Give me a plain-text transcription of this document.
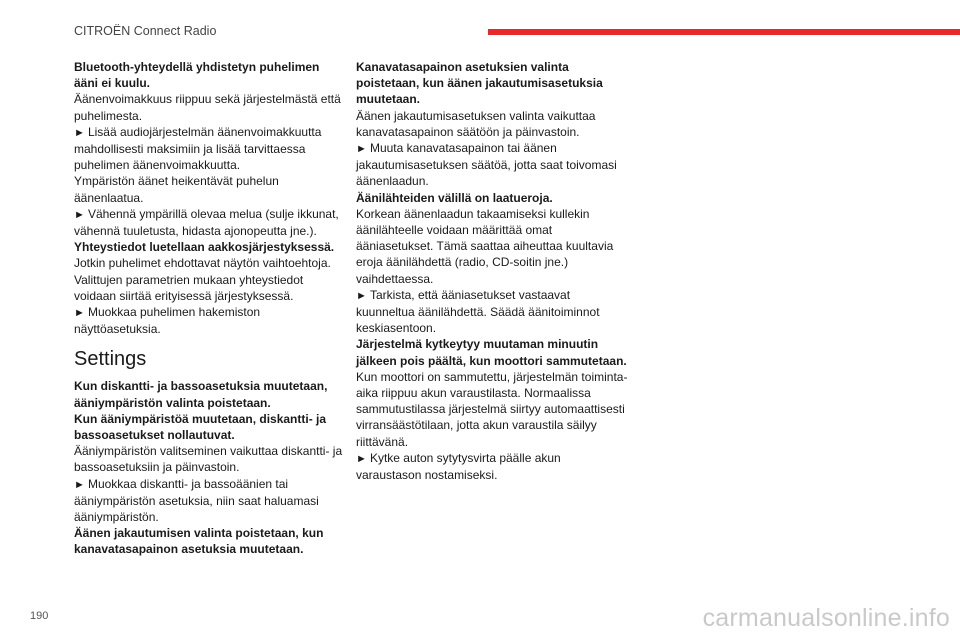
CITROËN Connect Radio

Bluetooth-yhteydellä yhdistetyn puhelimen ääni ei kuulu.

Äänenvoimakkuus riippuu sekä järjestelmästä että puhelimesta.

► Lisää audiojärjestelmän äänenvoimakkuutta mahdollisesti maksimiin ja lisää tarvittaessa puhelimen äänenvoimakkuutta.

Ympäristön äänet heikentävät puhelun äänenlaatua.

► Vähennä ympärillä olevaa melua (sulje ikkunat, vähennä tuuletusta, hidasta ajonopeutta jne.).

Yhteystiedot luetellaan aakkosjärjestyksessä.

Jotkin puhelimet ehdottavat näytön vaihtoehtoja. Valittujen parametrien mukaan yhteystiedot voidaan siirtää erityisessä järjestyksessä.

► Muokkaa puhelimen hakemiston näyttöasetuksia.

Settings

Kun diskantti- ja bassoasetuksia muutetaan, ääniympäristön valinta poistetaan.

Kun ääniympäristöä muutetaan, diskantti- ja bassoasetukset nollautuvat.

Ääniympäristön valitseminen vaikuttaa diskantti- ja bassoasetuksiin ja päinvastoin.

► Muokkaa diskantti- ja bassoäänien tai ääniympäristön asetuksia, niin saat haluamasi ääniympäristön.

Äänen jakautumisen valinta poistetaan, kun kanavatasapainon asetuksia muutetaan.

Kanavatasapainon asetuksien valinta poistetaan, kun äänen jakautumisasetuksia muutetaan.

Äänen jakautumisasetuksen valinta vaikuttaa kanavatasapainon säätöön ja päinvastoin.

► Muuta kanavatasapainon tai äänen jakautumisasetuksen säätöä, jotta saat toivomasi äänenlaadun.

Äänilähteiden välillä on laatueroja.

Korkean äänenlaadun takaamiseksi kullekin äänilähteelle voidaan määrittää omat ääniasetukset. Tämä saattaa aiheuttaa kuultavia eroja äänilähdettä (radio, CD-soitin jne.) vaihdettaessa.

► Tarkista, että ääniasetukset vastaavat kuunneltua äänilähdettä. Säädä äänitoiminnot keskiasentoon.

Järjestelmä kytkeytyy muutaman minuutin jälkeen pois päältä, kun moottori sammutetaan.

Kun moottori on sammutettu, järjestelmän toiminta-aika riippuu akun varaustilasta. Normaalissa sammutustilassa järjestelmä siirtyy automaattisesti virransäästötilaan, jotta akun varaustila säilyy riittävänä.

► Kytke auton sytytysvirta päälle akun varaustason nostamiseksi.

190	carmanualsonline.info
